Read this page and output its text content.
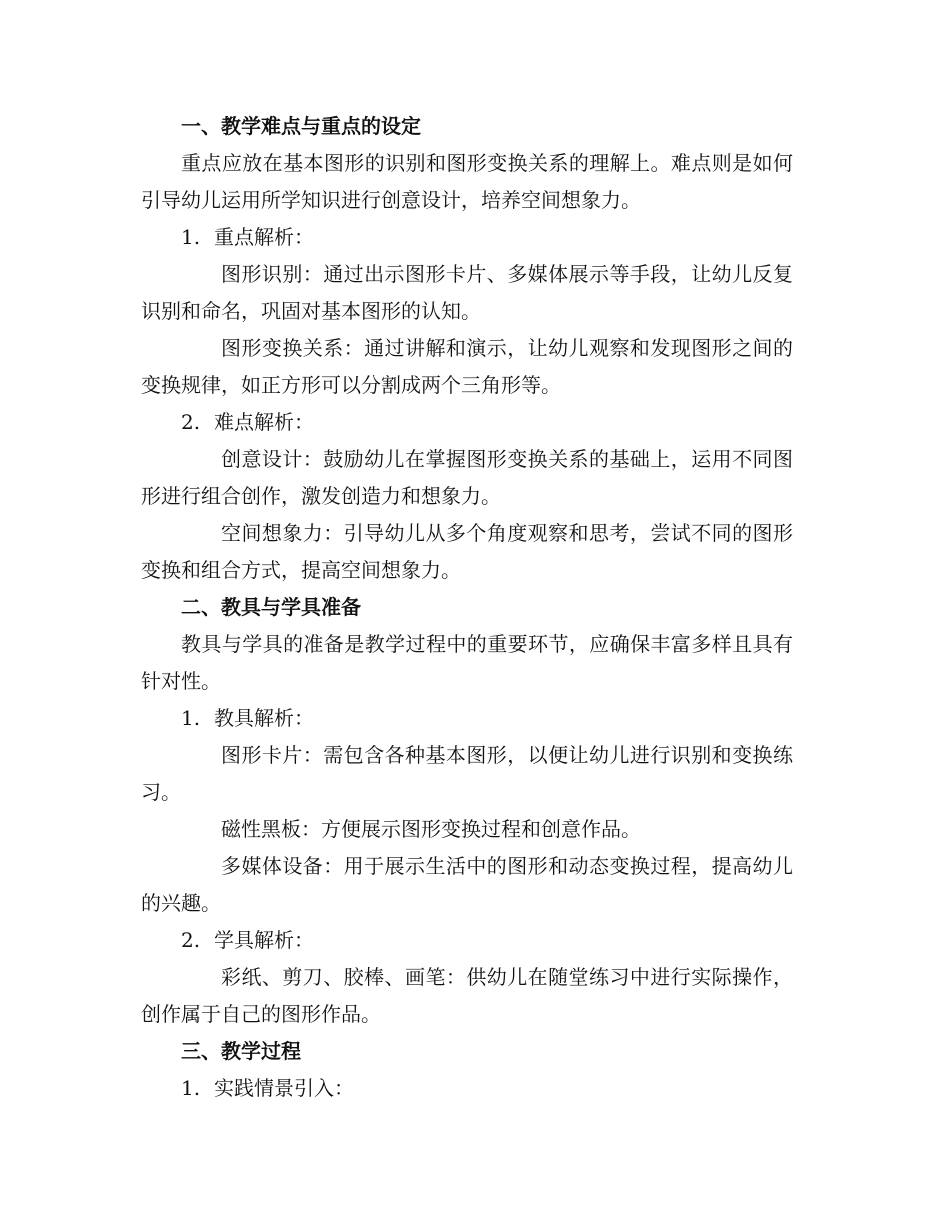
一、教学难点与重点的设定

重点应放在基本图形的识别和图形变换关系的理解上。难点则是如何引导幼儿运用所学知识进行创意设计，培养空间想象力。

1. 重点解析：

图形识别：通过出示图形卡片、多媒体展示等手段，让幼儿反复识别和命名，巩固对基本图形的认知。

图形变换关系：通过讲解和演示，让幼儿观察和发现图形之间的变换规律，如正方形可以分割成两个三角形等。

2. 难点解析：

创意设计：鼓励幼儿在掌握图形变换关系的基础上，运用不同图形进行组合创作，激发创造力和想象力。

空间想象力：引导幼儿从多个角度观察和思考，尝试不同的图形变换和组合方式，提高空间想象力。

二、教具与学具准备

教具与学具的准备是教学过程中的重要环节，应确保丰富多样且具有针对性。

1. 教具解析：

图形卡片：需包含各种基本图形，以便让幼儿进行识别和变换练习。

磁性黑板：方便展示图形变换过程和创意作品。

多媒体设备：用于展示生活中的图形和动态变换过程，提高幼儿的兴趣。

2. 学具解析：

彩纸、剪刀、胶棒、画笔：供幼儿在随堂练习中进行实际操作，创作属于自己的图形作品。

三、教学过程

1. 实践情景引入：
